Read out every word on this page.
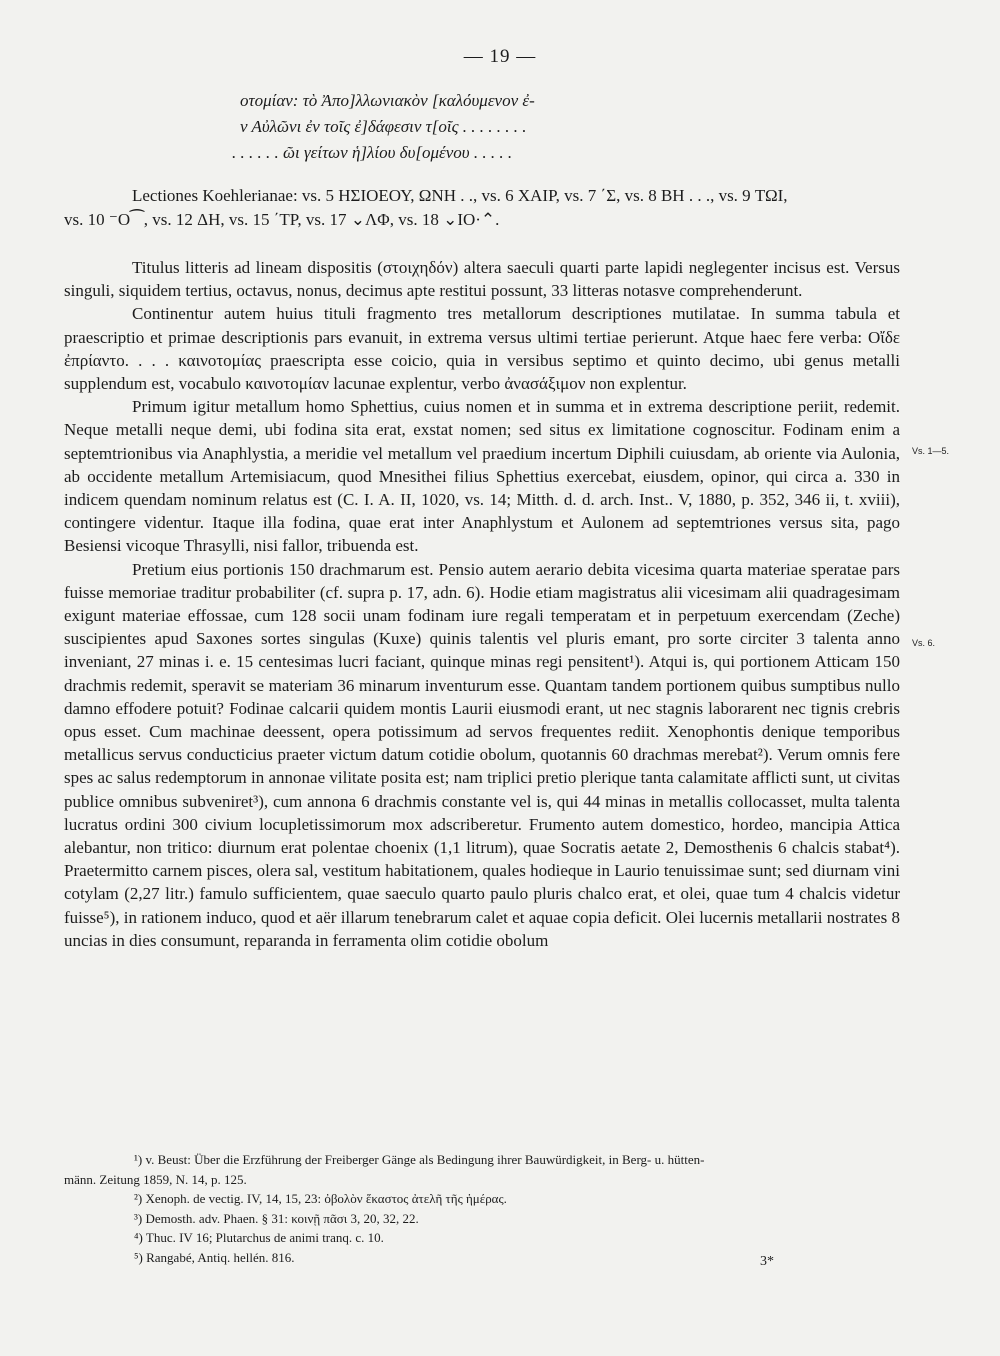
— 19 —
οτομίαν: τὸ Ἀπο]λλωνιακὸν [καλόυμενον ἐ-
ν Αὐλῶνι ἐν τοῖς ἐ]δάφεσιν τ[οῖς . . . . . . . .
. . . . . . ῶι γείτων ἡ]λίου δυ[ομένου . . . . .

Lectiones Koehlerianae: vs. 5 ΗΣΙΟΕΟΥ, ΩΝΗ . ., vs. 6 ΧΑΙΡ, vs. 7 ΄Σ, vs. 8 ΒΗ . . ., vs. 9 ΤΩΙ,

vs. 10 ⁻Ο⁀, vs. 12 ΔΗ, vs. 15 ΄ΤΡ, vs. 17 ⌄ΛΦ, vs. 18 ⌄ΙΟ·⌃.

Titulus litteris ad lineam dispositis (στοιχηδόν) altera saeculi quarti parte lapidi neglegenter incisus est. Versus singuli, siquidem tertius, octavus, nonus, decimus apte restitui possunt, 33 litteras notasve comprehenderunt.

Continentur autem huius tituli fragmento tres metallorum descriptiones mutilatae. In summa tabula et praescriptio et primae descriptionis pars evanuit, in extrema versus ultimi tertiae perierunt. Atque haec fere verba: Οἴδε ἐπρίαντο. . . . καινοτομίας praescripta esse coicio, quia in versibus septimo et quinto decimo, ubi genus metalli supplendum est, vocabulo καινοτομίαν lacunae explentur, verbo ἀνασάξιμον non explentur.

Primum igitur metallum homo Sphettius, cuius nomen et in summa et in extrema descriptione periit, redemit. Neque metalli neque demi, ubi fodina sita erat, exstat nomen; sed situs ex limitatione cognoscitur. Fodinam enim a septemtrionibus via Anaphlystia, a meridie vel metallum vel praedium incertum Diphili cuiusdam, ab oriente via Aulonia, ab occidente metallum Artemisiacum, quod Mnesithei filius Sphettius exercebat, eiusdem, opinor, qui circa a. 330 in indicem quendam nominum relatus est (C. I. A. II, 1020, vs. 14; Mitth. d. d. arch. Inst.. V, 1880, p. 352, 346 ii, t. xviii), contingere videntur. Itaque illa fodina, quae erat inter Anaphlystum et Aulonem ad septemtriones versus sita, pago Besiensi vicoque Thrasylli, nisi fallor, tribuenda est.

Pretium eius portionis 150 drachmarum est. Pensio autem aerario debita vicesima quarta materiae speratae pars fuisse memoriae traditur probabiliter (cf. supra p. 17, adn. 6). Hodie etiam magistratus alii vicesimam alii quadragesimam exigunt materiae effossae, cum 128 socii unam fodinam iure regali temperatam et in perpetuum exercendam (Zeche) suscipientes apud Saxones sortes singulas (Kuxe) quinis talentis vel pluris emant, pro sorte circiter 3 talenta anno inveniant, 27 minas i. e. 15 centesimas lucri faciant, quinque minas regi pensitent¹). Atqui is, qui portionem Atticam 150 drachmis redemit, speravit se materiam 36 minarum inventurum esse. Quantam tandem portionem quibus sumptibus nullo damno effodere potuit? Fodinae calcarii quidem montis Laurii eiusmodi erant, ut nec stagnis laborarent nec tignis crebris opus esset. Cum machinae deessent, opera potissimum ad servos frequentes rediit. Xenophontis denique temporibus metallicus servus conducticius praeter victum datum cotidie obolum, quotannis 60 drachmas merebat²). Verum omnis fere spes ac salus redemptorum in annonae vilitate posita est; nam triplici pretio plerique tanta calamitate afflicti sunt, ut civitas publice omnibus subveniret³), cum annona 6 drachmis constante vel is, qui 44 minas in metallis collocasset, multa talenta lucratus ordini 300 civium locupletissimorum mox adscriberetur. Frumento autem domestico, hordeo, mancipia Attica alebantur, non tritico: diurnum erat polentae choenix (1,1 litrum), quae Socratis aetate 2, Demosthenis 6 chalcis stabat⁴). Praetermitto carnem pisces, olera sal, vestitum habitationem, quales hodieque in Laurio tenuissimae sunt; sed diurnam vini cotylam (2,27 litr.) famulo sufficientem, quae saeculo quarto paulo pluris chalco erat, et olei, quae tum 4 chalcis videtur fuisse⁵), in rationem induco, quod et aër illarum tenebrarum calet et aquae copia deficit. Olei lucernis metallarii nostrates 8 uncias in dies consumunt, reparanda in ferramenta olim cotidie obolum

Vs. 1—5.
Vs. 6.
¹) v. Beust: Über die Erzführung der Freiberger Gänge als Bedingung ihrer Bauwürdigkeit, in Berg- u. hütten-
männ. Zeitung 1859, N. 14, p. 125.
²) Xenoph. de vectig. IV, 14, 15, 23: ὀβολὸν ἕκαστος ἀτελῆ τῆς ἡμέρας.
³) Demosth. adv. Phaen. § 31: κοινῇ πᾶσι 3, 20, 32, 22.
⁴) Thuc. IV 16; Plutarchus de animi tranq. c. 10.
⁵) Rangabé, Antiq. hellén. 816.	3*
